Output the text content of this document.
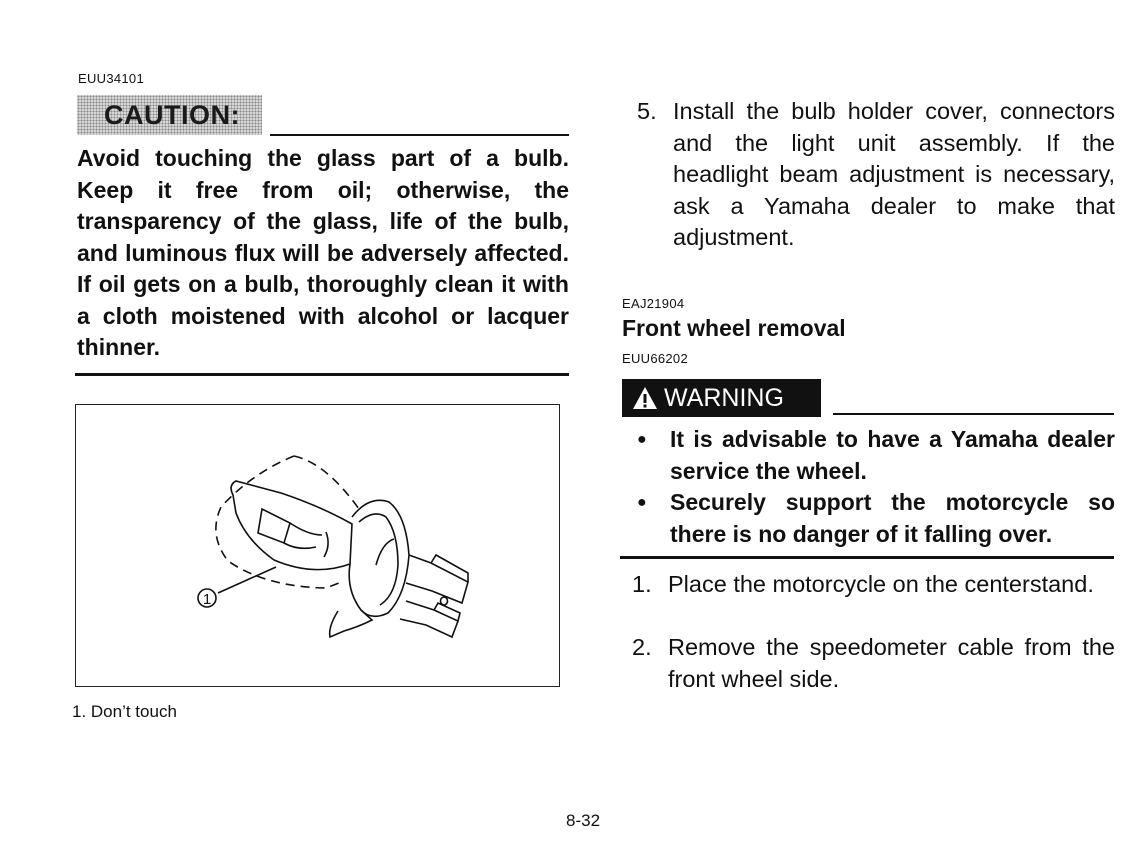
EUU34101
CAUTION:

Avoid touching the glass part of a bulb. Keep it free from oil; otherwise, the transparency of the glass, life of the bulb, and luminous flux will be adversely affected. If oil gets on a bulb, thoroughly clean it with a cloth moistened with alcohol or lacquer thinner.

1
1. Don’t touch
5. Install the bulb holder cover, connectors and the light unit assembly. If the headlight beam adjustment is necessary, ask a Yamaha dealer to make that adjustment.
EAJ21904
Front wheel removal
EUU66202
WARNING
●	It is advisable to have a Yamaha dealer service the wheel.
●	Securely support the motorcycle so there is no danger of it falling over.
1. Place the motorcycle on the centerstand.
2. Remove the speedometer cable from the front wheel side.
8-32
